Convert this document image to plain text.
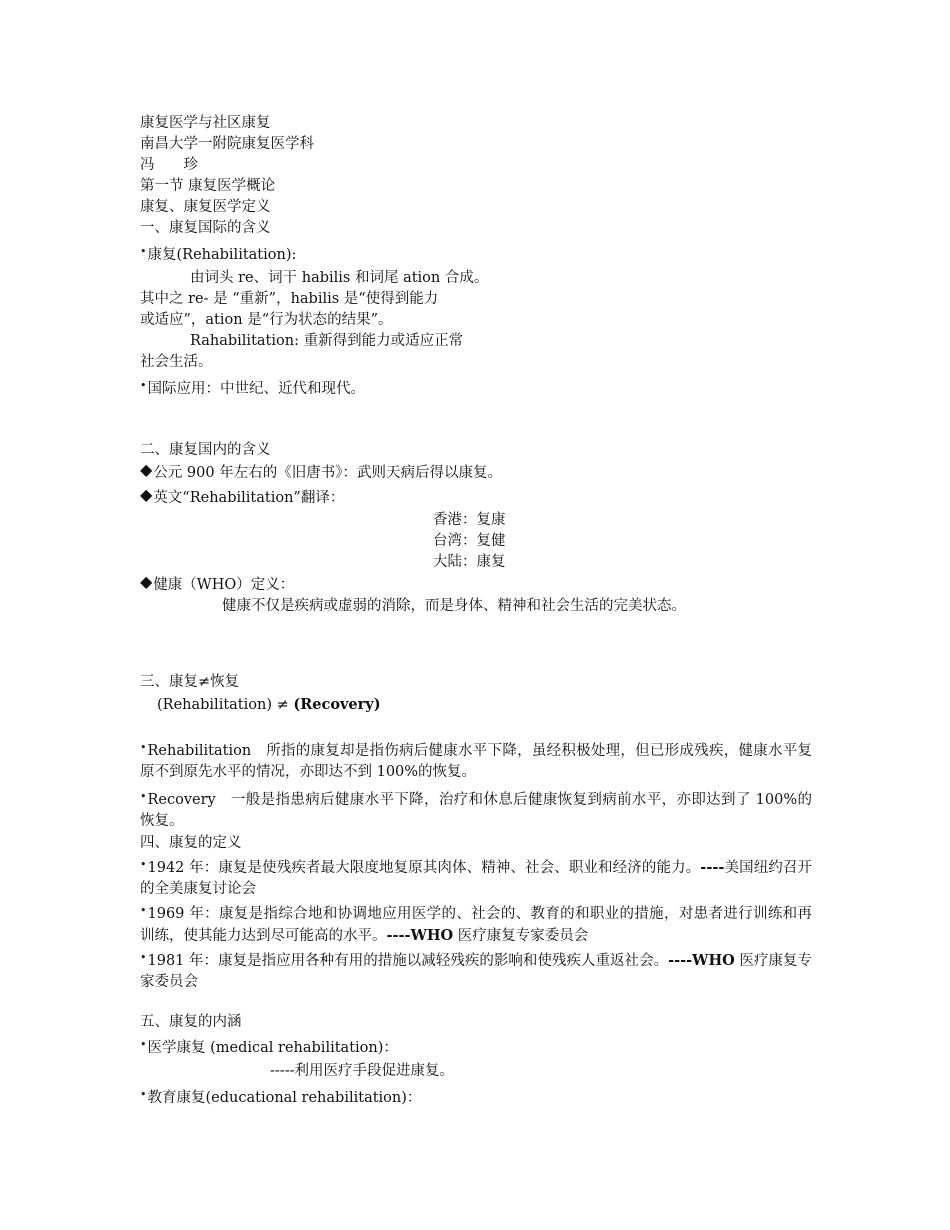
康复医学与社区康复
南昌大学一附院康复医学科
冯　　珍
第一节 康复医学概论
康复、康复医学定义
一、康复国际的含义
•康复(Rehabilitation):
由词头 re、词干 habilis 和词尾 ation 合成。
其中之 re- 是 “重新”，habilis 是“使得到能力
或适应”，ation 是“行为状态的结果”。
Rahabilitation: 重新得到能力或适应正常
社会生活。
•国际应用：中世纪、近代和现代。
二、康复国内的含义
◆公元 900 年左右的《旧唐书》：武则天病后得以康复。
◆英文“Rehabilitation”翻译：
香港：复康
台湾：复健
大陆：康复
◆健康（WHO）定义：
健康不仅是疾病或虚弱的消除，而是身体、精神和社会生活的完美状态。
三、康复≠恢复
(Rehabilitation) ≠ (Recovery)
•Rehabilitation　所指的康复却是指伤病后健康水平下降，虽经积极处理，但已形成残疾，健康水平复原不到原先水平的情况，亦即达不到 100%的恢复。
•Recovery　一般是指患病后健康水平下降，治疗和休息后健康恢复到病前水平，亦即达到了 100%的恢复。
四、康复的定义
•1942 年：康复是使残疾者最大限度地复原其肉体、精神、社会、职业和经济的能力。----美国纽约召开的全美康复讨论会
•1969 年：康复是指综合地和协调地应用医学的、社会的、教育的和职业的措施，对患者进行训练和再训练，使其能力达到尽可能高的水平。----WHO 医疗康复专家委员会
•1981 年：康复是指应用各种有用的措施以减轻残疾的影响和使残疾人重返社会。----WHO 医疗康复专家委员会
五、康复的内涵
•医学康复 (medical rehabilitation)：
-----利用医疗手段促进康复。
•教育康复(educational rehabilitation)：
